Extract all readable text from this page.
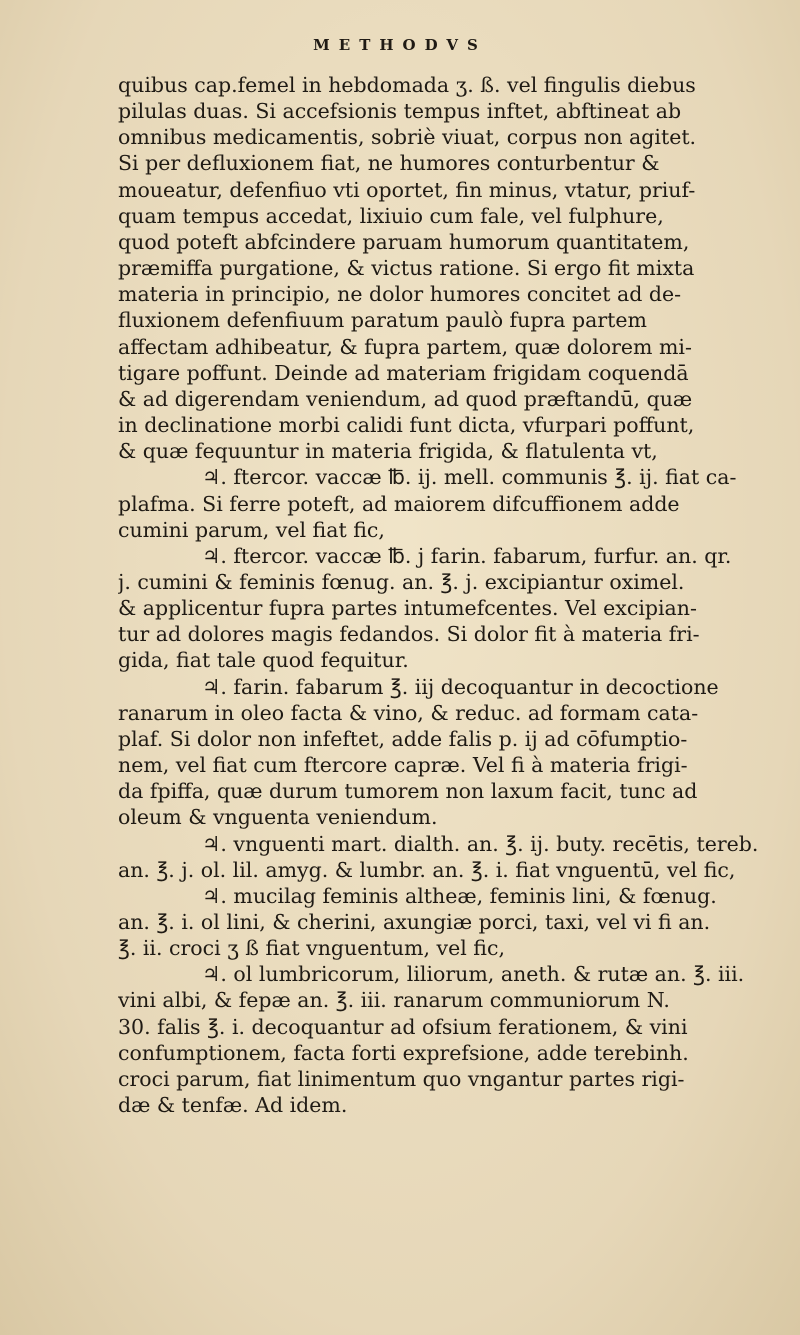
METHODVS
quibus cap.femel in hebdomada ʒ. ß. vel fingulis diebus
pilulas duas. Si accefsionis tempus inftet, abftineat ab
omnibus medicamentis, sobriè viuat, corpus non agitet.
Si per defluxionem fiat, ne humores conturbentur &
moueatur, defenfiuo vti oportet, fin minus, vtatur, priuf-
quam tempus accedat, lixiuio cum fale, vel fulphure,
quod poteft abfcindere paruam humorum quantitatem,
præmiffa purgatione, & victus ratione. Si ergo fit mixta
materia in principio, ne dolor humores concitet ad de-
fluxionem defenfiuum paratum paulò fupra partem
affectam adhibeatur, & fupra partem, quæ dolorem mi-
tigare poffunt. Deinde ad materiam frigidam coquendā
& ad digerendam veniendum, ad quod præftandū, quæ
in declinatione morbi calidi funt dicta, vfurpari poffunt,
& quæ fequuntur in materia frigida, & flatulenta vt,
♃. ftercor. vaccæ ℔. ij. mell. communis ℥. ij. fiat ca-
plafma. Si ferre poteft, ad maiorem difcuffionem adde
cumini parum, vel fiat fic,
♃. ftercor. vaccæ ℔. j farin. fabarum, furfur. an. qr.
j. cumini & feminis fœnug. an. ℥. j. excipiantur oximel.
& applicentur fupra partes intumefcentes. Vel excipian-
tur ad dolores magis fedandos. Si dolor fit à materia fri-
gida, fiat tale quod fequitur.
♃. farin. fabarum ℥. iij decoquantur in decoctione
ranarum in oleo facta & vino, & reduc. ad formam cata-
plaf. Si dolor non infeftet, adde falis p. ij ad cōfumptio-
nem, vel fiat cum ftercore capræ. Vel fi à materia frigi-
da fpiffa, quæ durum tumorem non laxum facit, tunc ad
oleum & vnguenta veniendum.
♃. vnguenti mart. dialth. an. ℥. ij. buty. recētis, tereb.
an. ℥. j. ol. lil. amyg. & lumbr. an. ℥. i. fiat vnguentū, vel fic,
♃. mucilag feminis altheæ, feminis lini, & fœnug.
an. ℥. i. ol lini, & cherini, axungiæ porci, taxi, vel vi fi an.
℥. ii. croci ʒ ß fiat vnguentum, vel fic,
♃. ol lumbricorum, liliorum, aneth. & rutæ an. ℥. iii.
vini albi, & fepæ an. ℥. iii. ranarum communiorum N.
30. falis ℥. i. decoquantur ad ofsium ferationem, & vini
confumptionem, facta forti exprefsione, adde terebinh.
croci parum, fiat linimentum quo vngantur partes rigi-
dæ & tenfæ. Ad idem.
